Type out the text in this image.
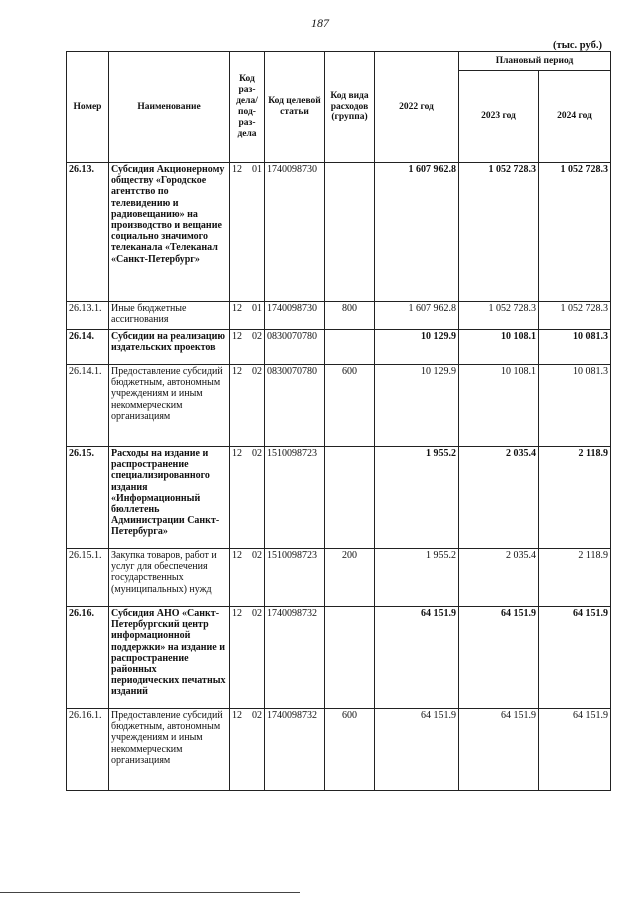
187
(тыс. руб.)
Номер	Наименование	Код раз-дела/ под-раз-дела	Код целевой статьи	Код вида расходов (группа)	2022 год	Плановый период	
						2023 год	2024 год
26.13.	Субсидия Акционерному обществу «Городское агентство по телевидению и радиовещанию» на производство и вещание социально значимого телеканала «Телеканал «Санкт-Петербург»	12 01	1740098730		1 607 962.8	1 052 728.3	1 052 728.3
26.13.1.	Иные бюджетные ассигнования	12 01	1740098730	800	1 607 962.8	1 052 728.3	1 052 728.3
26.14.	Субсидии на реализацию издательских проектов	12 02	0830070780		10 129.9	10 108.1	10 081.3
26.14.1.	Предоставление субсидий бюджетным, автономным учреждениям и иным некоммерческим организациям	12 02	0830070780	600	10 129.9	10 108.1	10 081.3
26.15.	Расходы на издание и распространение специализированного издания «Информационный бюллетень Администрации Санкт-Петербурга»	12 02	1510098723		1 955.2	2 035.4	2 118.9
26.15.1.	Закупка товаров, работ и услуг для обеспечения государственных (муниципальных) нужд	12 02	1510098723	200	1 955.2	2 035.4	2 118.9
26.16.	Субсидия АНО «Санкт-Петербургский центр информационной поддержки» на издание и распространение районных периодических печатных изданий	12 02	1740098732		64 151.9	64 151.9	64 151.9
26.16.1.	Предоставление субсидий бюджетным, автономным учреждениям и иным некоммерческим организациям	12 02	1740098732	600	64 151.9	64 151.9	64 151.9
